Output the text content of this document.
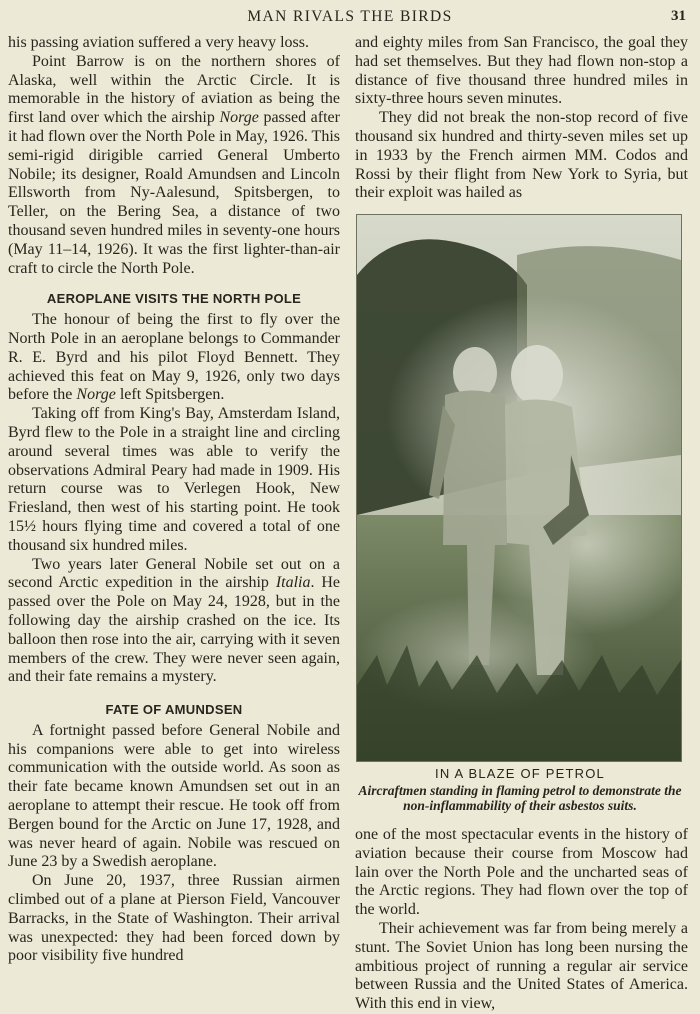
MAN RIVALS THE BIRDS	31

his passing aviation suffered a very heavy loss.

Point Barrow is on the northern shores of Alaska, well within the Arctic Circle. It is memorable in the history of aviation as being the first land over which the airship Norge passed after it had flown over the North Pole in May, 1926. This semi-rigid dirigible carried General Umberto Nobile; its designer, Roald Amundsen and Lincoln Ellsworth from Ny-Aalesund, Spitsbergen, to Teller, on the Bering Sea, a distance of two thousand seven hundred miles in seventy-one hours (May 11–14, 1926). It was the first lighter-than-air craft to circle the North Pole.

AEROPLANE VISITS THE NORTH POLE

The honour of being the first to fly over the North Pole in an aeroplane belongs to Commander R. E. Byrd and his pilot Floyd Bennett. They achieved this feat on May 9, 1926, only two days before the Norge left Spitsbergen.

Taking off from King's Bay, Amsterdam Island, Byrd flew to the Pole in a straight line and circling around several times was able to verify the observations Admiral Peary had made in 1909. His return course was to Verlegen Hook, New Friesland, then west of his starting point. He took 15½ hours flying time and covered a total of one thousand six hundred miles.

Two years later General Nobile set out on a second Arctic expedition in the airship Italia. He passed over the Pole on May 24, 1928, but in the following day the airship crashed on the ice. Its balloon then rose into the air, carrying with it seven members of the crew. They were never seen again, and their fate remains a mystery.

FATE OF AMUNDSEN

A fortnight passed before General Nobile and his companions were able to get into wireless communication with the outside world. As soon as their fate became known Amundsen set out in an aeroplane to attempt their rescue. He took off from Bergen bound for the Arctic on June 17, 1928, and was never heard of again. Nobile was rescued on June 23 by a Swedish aeroplane.

On June 20, 1937, three Russian airmen climbed out of a plane at Pierson Field, Vancouver Barracks, in the State of Washington. Their arrival was unexpected: they had been forced down by poor visibility five hundred

and eighty miles from San Francisco, the goal they had set themselves. But they had flown non-stop a distance of five thousand three hundred miles in sixty-three hours seven minutes.

They did not break the non-stop record of five thousand six hundred and thirty-seven miles set up in 1933 by the French airmen MM. Codos and Rossi by their flight from New York to Syria, but their exploit was hailed as

IN A BLAZE OF PETROL
Aircraftmen standing in flaming petrol to demonstrate the non-inflammability of their asbestos suits.

one of the most spectacular events in the history of aviation because their course from Moscow had lain over the North Pole and the uncharted seas of the Arctic regions. They had flown over the top of the world.

Their achievement was far from being merely a stunt. The Soviet Union has long been nursing the ambitious project of running a regular air service between Russia and the United States of America. With this end in view,
